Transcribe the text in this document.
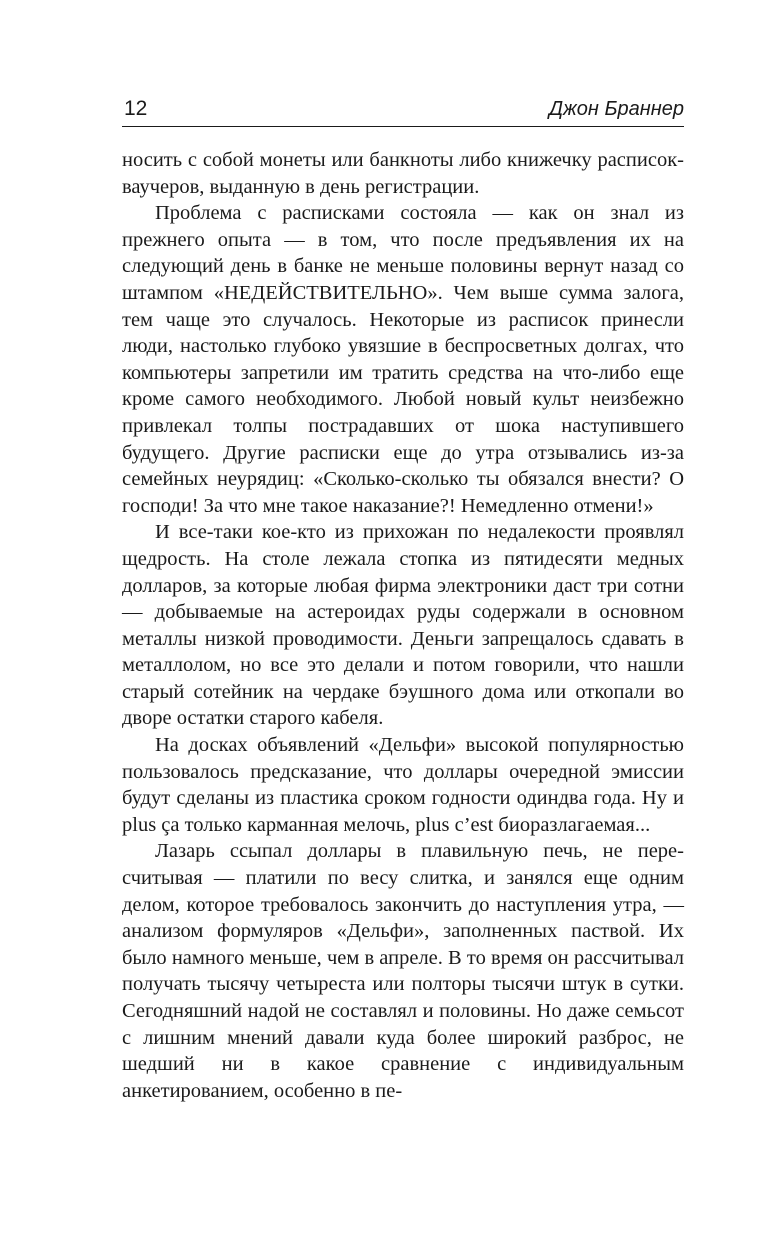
12	Джон Браннер

носить с собой монеты или банкноты либо книжечку расписок-ваучеров, выданную в день регистрации.

Проблема с расписками состояла — как он знал из прежнего опыта — в том, что после предъявления их на следующий день в банке не меньше половины вернут назад со штампом «НЕДЕЙСТВИТЕЛЬНО». Чем выше сумма залога, тем чаще это случалось. Некоторые из расписок принесли люди, настолько глубоко увязшие в беспросветных долгах, что компьютеры запретили им тратить средства на что-либо еще кроме самого необходимого. Любой новый культ неизбежно привлекал толпы пострадавших от шока наступившего будущего. Другие расписки еще до утра отзывались из-за семейных неурядиц: «Сколько-сколько ты обязался внести? О господи! За что мне такое наказание?! Немедленно отмени!»

И все-таки кое-кто из прихожан по недалекости проявлял щедрость. На столе лежала стопка из пятидесяти медных долларов, за которые любая фирма электроники даст три сотни — добываемые на астероидах руды содержали в основном металлы низкой проводимости. Деньги запрещалось сдавать в металлолом, но все это делали и потом говорили, что нашли старый сотейник на чердаке бэушного дома или откопали во дворе остатки старого кабеля.

На досках объявлений «Дельфи» высокой популярностью пользовалось предсказание, что доллары очередной эмиссии будут сделаны из пластика сроком годности одиндва года. Ну и plus ça только карманная мелочь, plus c’est биоразлагаемая...

Лазарь ссыпал доллары в плавильную печь, не пересчитывая — платили по весу слитка, и занялся еще одним делом, которое требовалось закончить до наступления утра, — анализом формуляров «Дельфи», заполненных паствой. Их было намного меньше, чем в апреле. В то время он рассчитывал получать тысячу четыреста или полторы тысячи штук в сутки. Сегодняшний надой не составлял и половины. Но даже семьсот с лишним мнений давали куда более широкий разброс, не шедший ни в какое сравнение с индивидуальным анкетированием, особенно в пе-
